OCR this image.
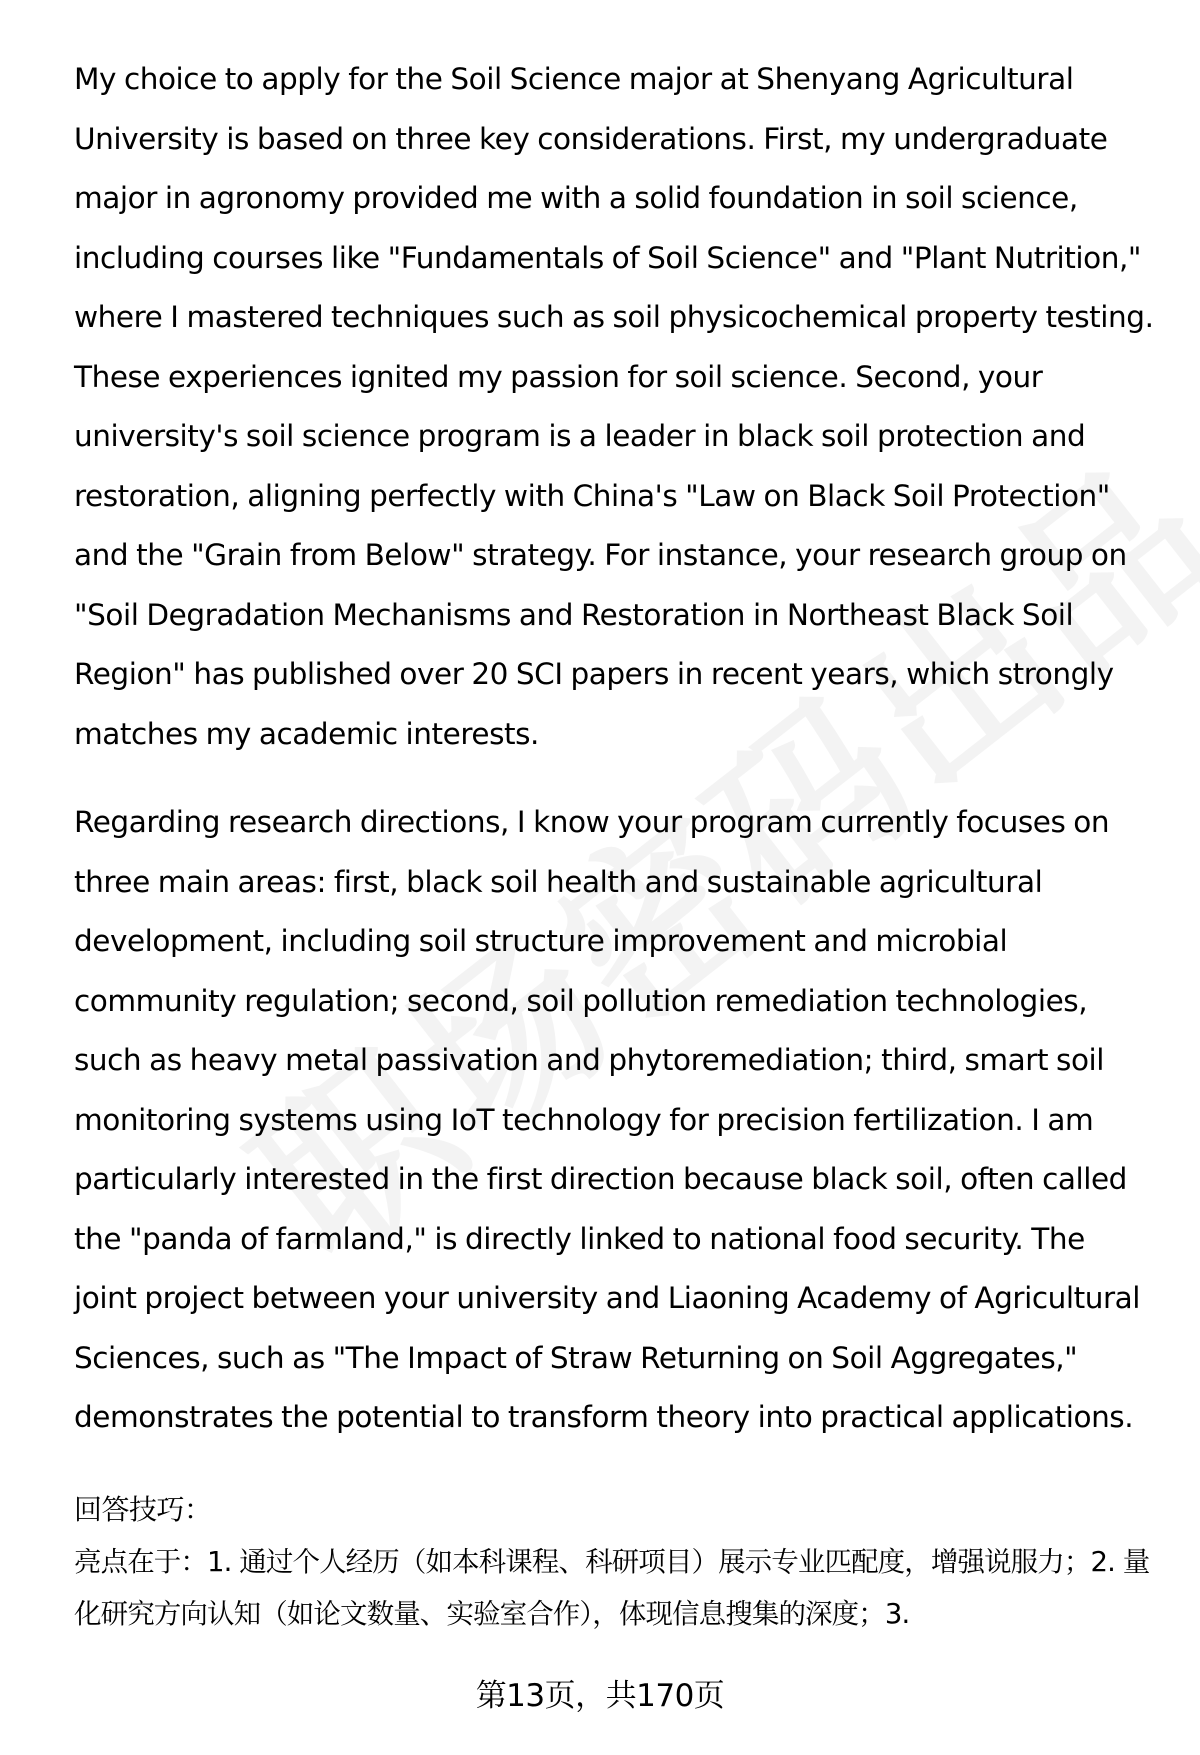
My choice to apply for the Soil Science major at Shenyang Agricultural University is based on three key considerations. First, my undergraduate major in agronomy provided me with a solid foundation in soil science, including courses like "Fundamentals of Soil Science" and "Plant Nutrition," where I mastered techniques such as soil physicochemical property testing. These experiences ignited my passion for soil science. Second, your university's soil science program is a leader in black soil protection and restoration, aligning perfectly with China's "Law on Black Soil Protection" and the "Grain from Below" strategy. For instance, your research group on "Soil Degradation Mechanisms and Restoration in Northeast Black Soil Region" has published over 20 SCI papers in recent years, which strongly matches my academic interests.

Regarding research directions, I know your program currently focuses on three main areas: first, black soil health and sustainable agricultural development, including soil structure improvement and microbial community regulation; second, soil pollution remediation technologies, such as heavy metal passivation and phytoremediation; third, smart soil monitoring systems using IoT technology for precision fertilization. I am particularly interested in the first direction because black soil, often called the "panda of farmland," is directly linked to national food security. The joint project between your university and Liaoning Academy of Agricultural Sciences, such as "The Impact of Straw Returning on Soil Aggregates," demonstrates the potential to transform theory into practical applications.

回答技巧：

亮点在于：1. 通过个人经历（如本科课程、科研项目）展示专业匹配度，增强说服力；2. 量化研究方向认知（如论文数量、实验室合作），体现信息搜集的深度；3.

第13页，共170页
